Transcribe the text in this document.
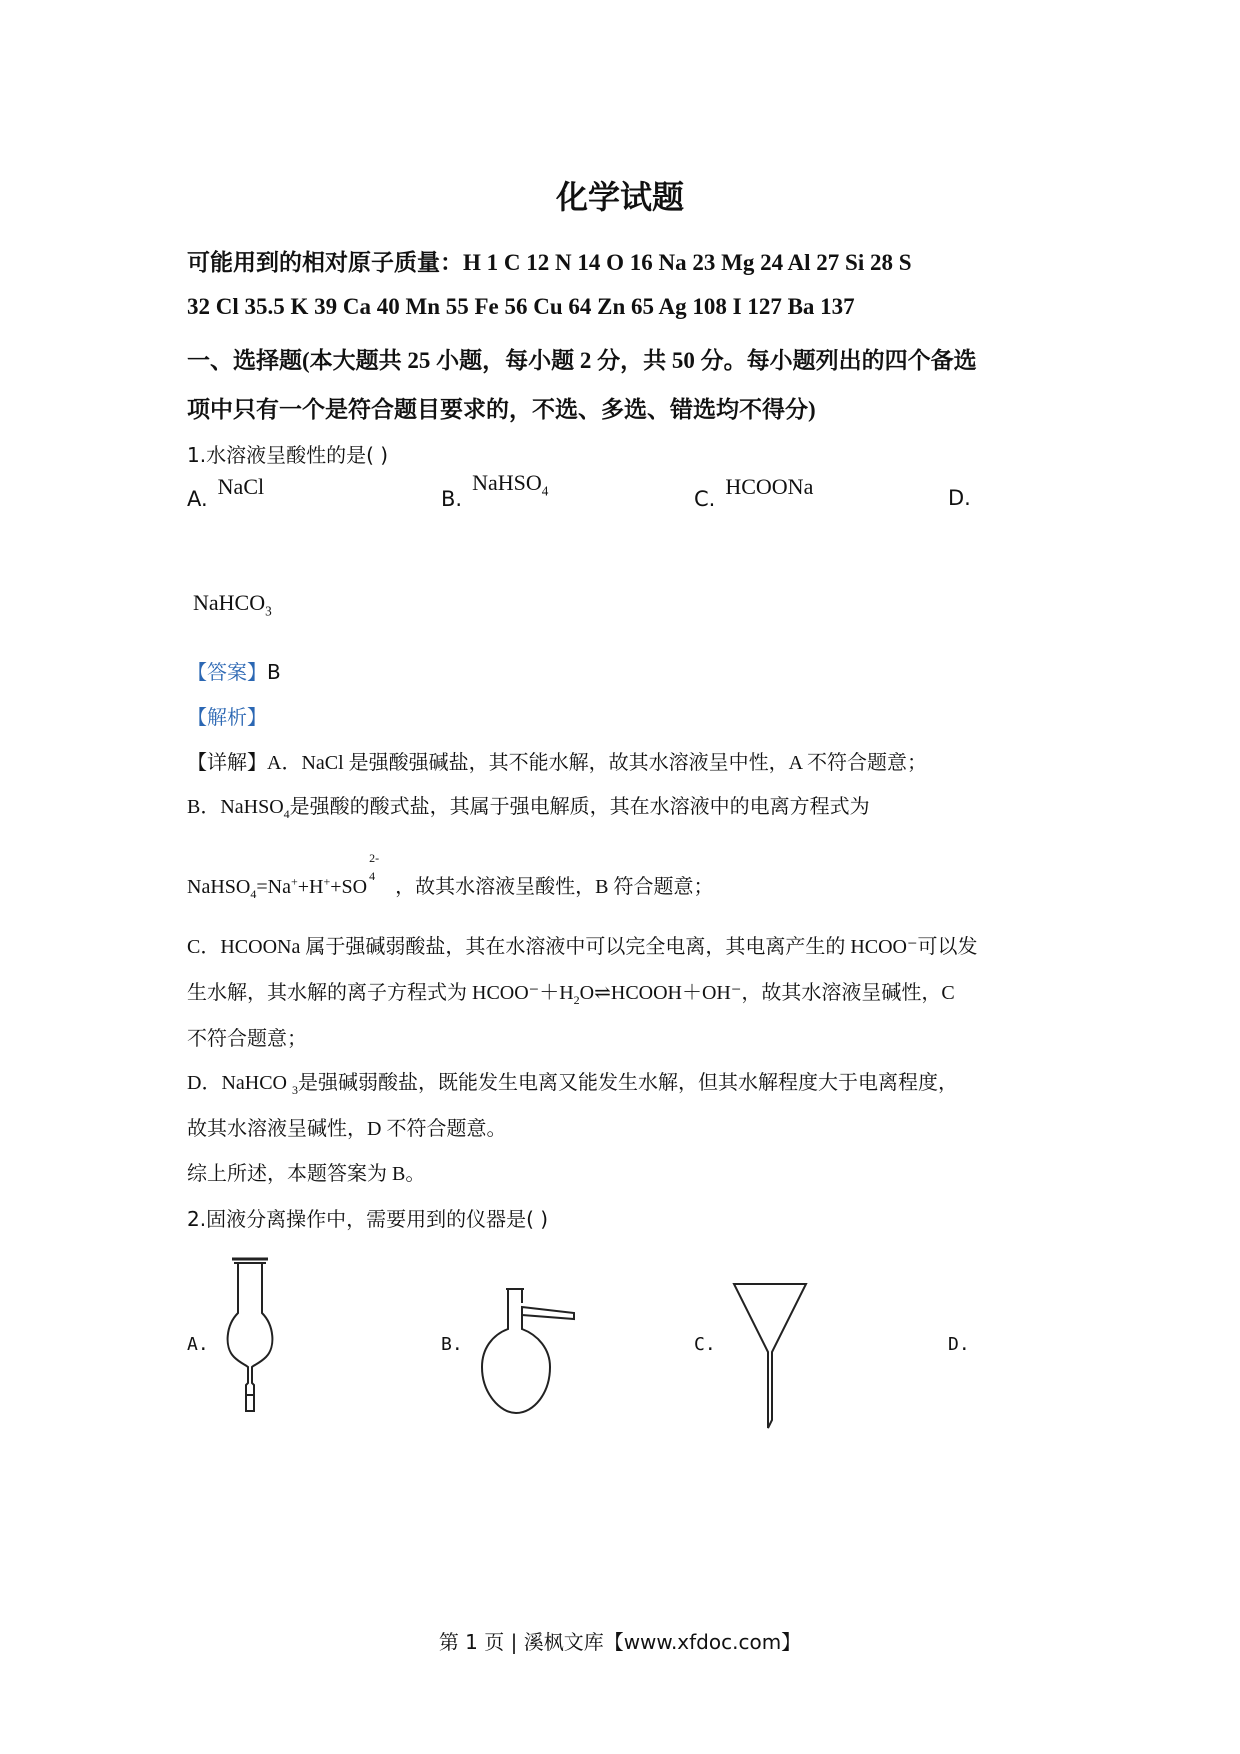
化学试题
可能用到的相对原子质量：H 1 C 12 N 14 O 16 Na 23 Mg 24 Al 27 Si 28 S
32 Cl 35.5 K 39 Ca 40 Mn 55 Fe 56 Cu 64 Zn 65 Ag 108 I 127 Ba 137
一、选择题(本大题共 25 小题，每小题 2 分，共 50 分。每小题列出的四个备选
项中只有一个是符合题目要求的，不选、多选、错选均不得分)
1.水溶液呈酸性的是( )
A. NaCl	B. NaHSO$_4$	C. HCOONa	D.
NaHCO$_3$
【答案】B
【解析】
【详解】A．NaCl 是强酸强碱盐，其不能水解，故其水溶液呈中性，A 不符合题意；
B．NaHSO$_4$是强酸的酸式盐，其属于强电解质，其在水溶液中的电离方程式为
NaHSO$_4$=Na++H++SO
2-
4 ，故其水溶液呈酸性，B 符合题意；
C．HCOONa 属于强碱弱酸盐，其在水溶液中可以完全电离，其电离产生的 HCOO⁻可以发
生水解，其水解的离子方程式为 $HCOO^-+H_2O\rightleftharpoons HCOOH+OH^-$，故其水溶液呈碱性，C
不符合题意；
D．NaHCO $_3$是强碱弱酸盐，既能发生电离又能发生水解，但其水解程度大于电离程度，
故其水溶液呈碱性，D 不符合题意。
综上所述，本题答案为 B。
2.固液分离操作中，需要用到的仪器是( )
A.	B.	C.	D.
第 1 页 | 溪枫文库【www.xfdoc.com】
